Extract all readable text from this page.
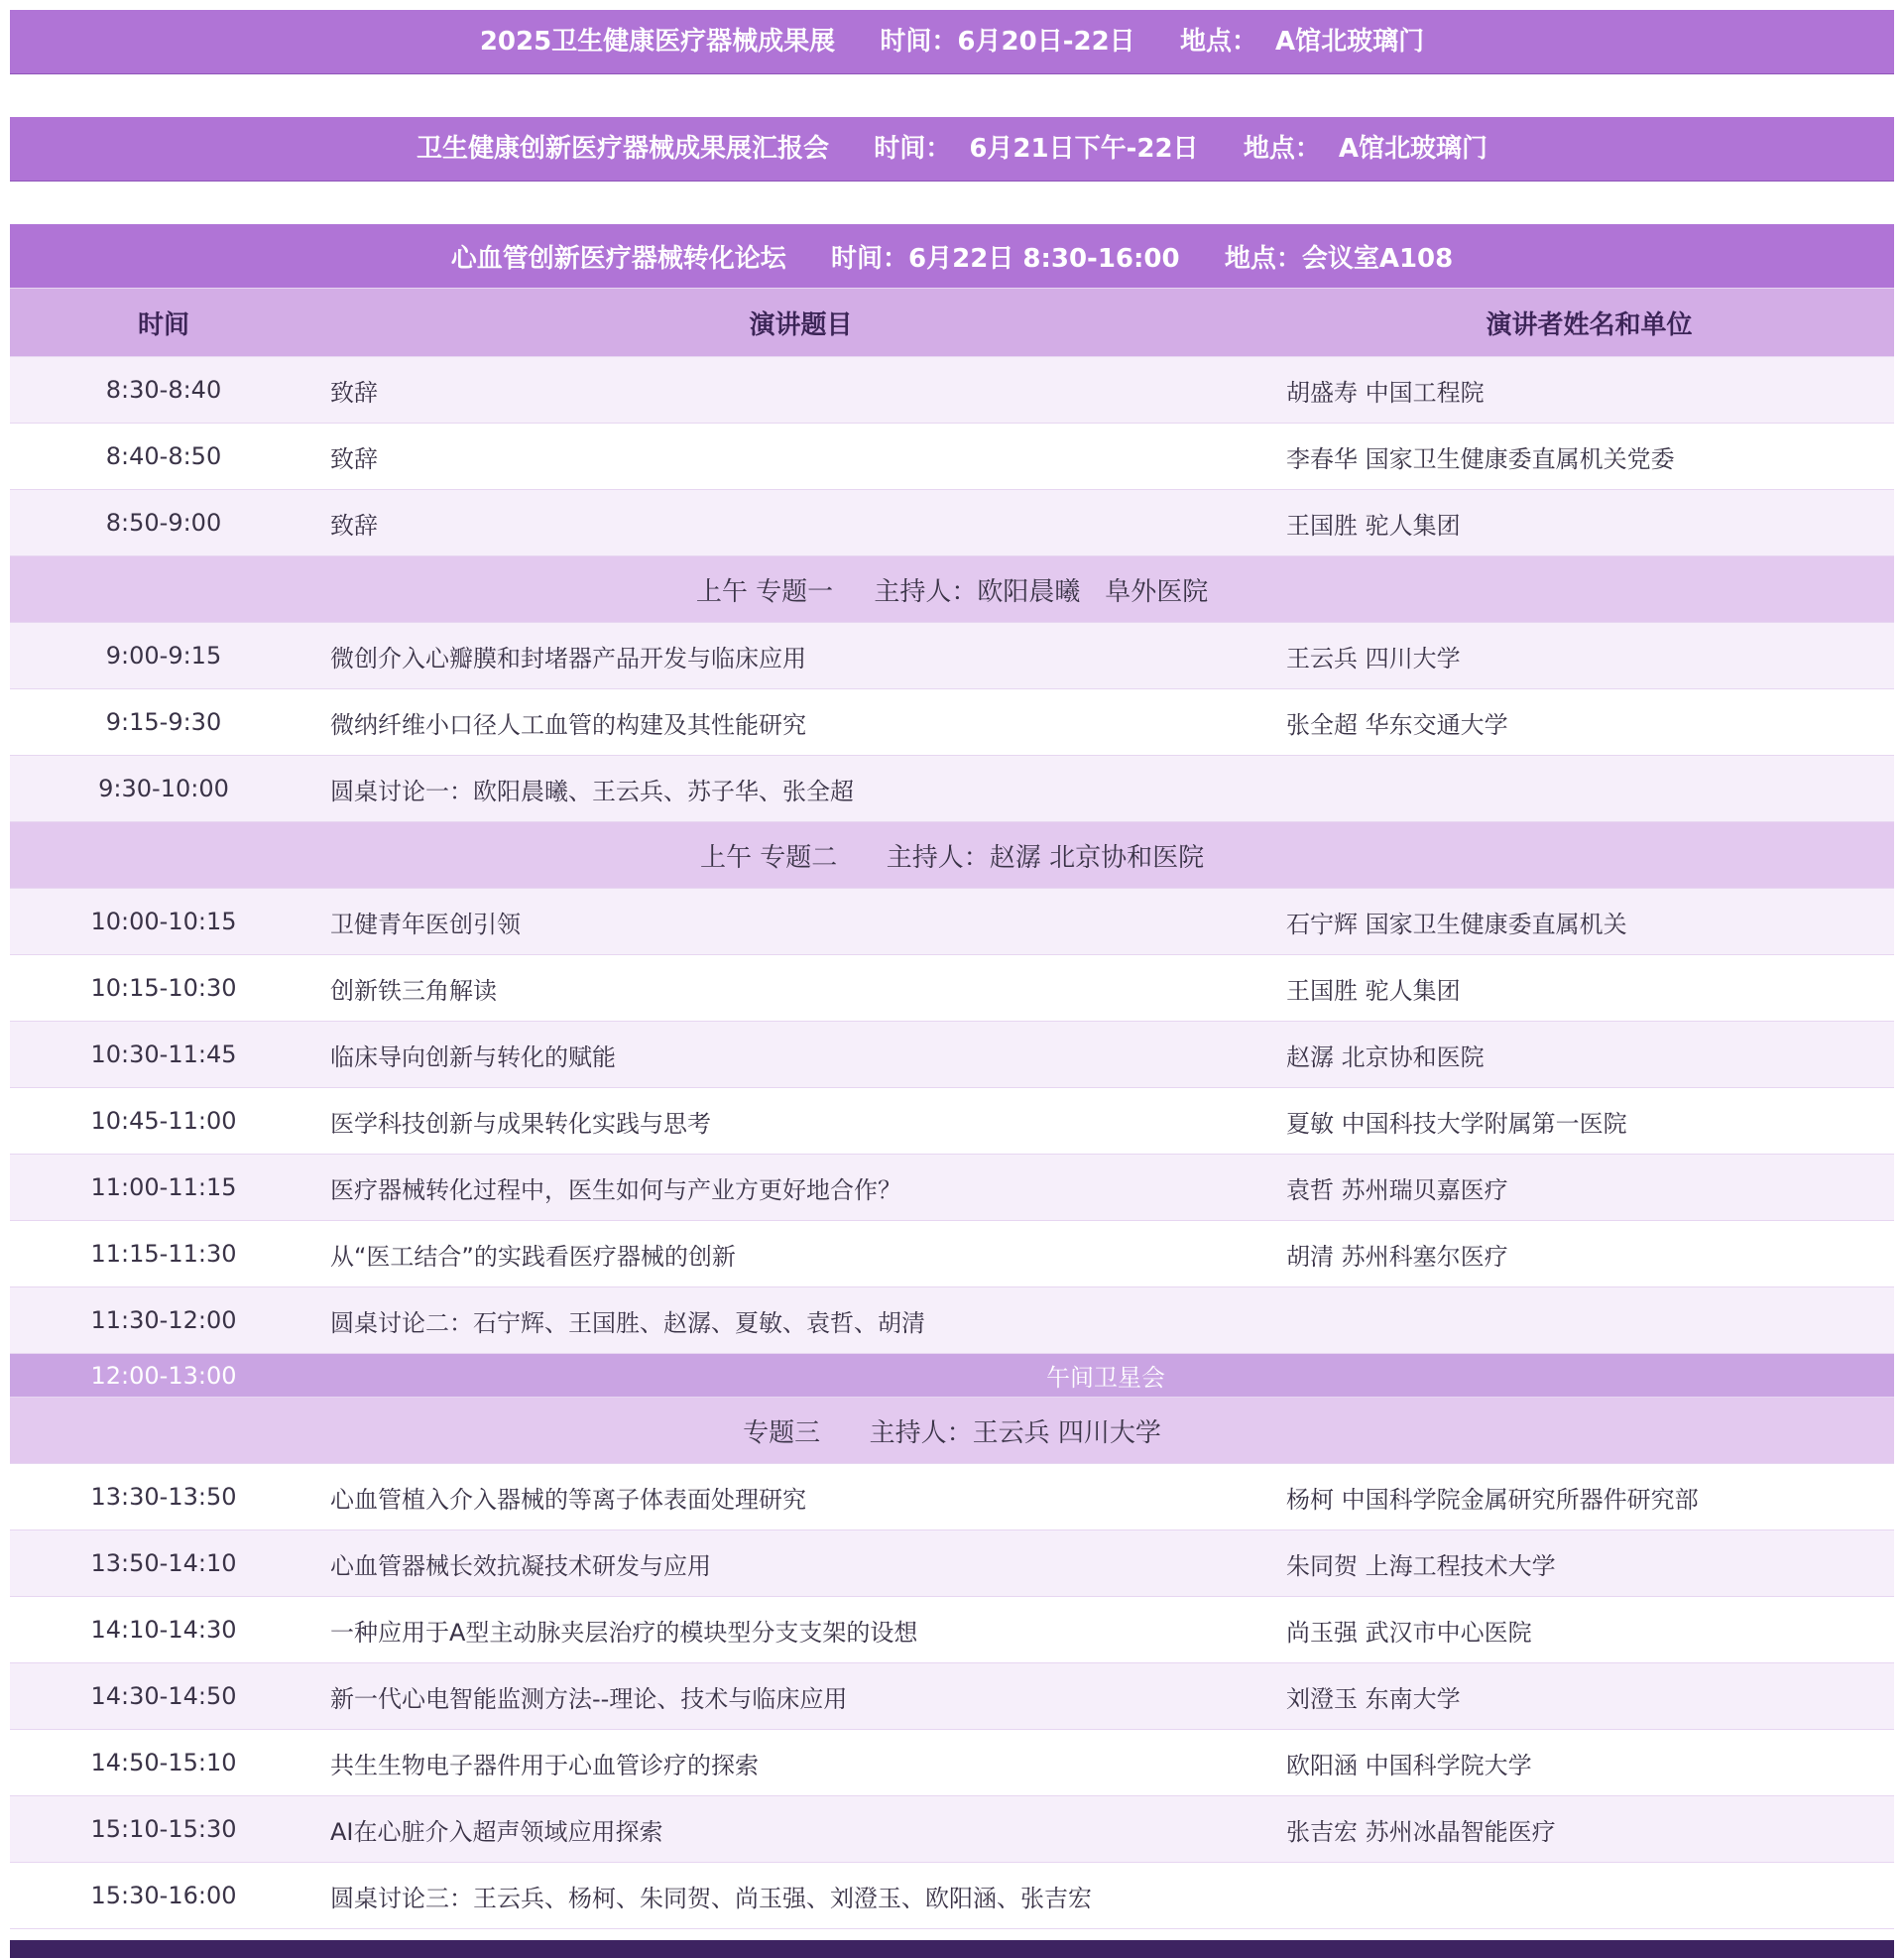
2025卫生健康医疗器械成果展     时间：6月20日-22日     地点：  A馆北玻璃门
卫生健康创新医疗器械成果展汇报会     时间：  6月21日下午-22日     地点：  A馆北玻璃门
心血管创新医疗器械转化论坛     时间：6月22日 8:30-16:00     地点：会议室A108		
时间	演讲题目	演讲者姓名和单位
8:30-8:40	致辞	胡盛寿 中国工程院
8:40-8:50	致辞	李春华 国家卫生健康委直属机关党委
8:50-9:00	致辞	王国胜 驼人集团
上午 专题一     主持人：欧阳晨曦   阜外医院		
9:00-9:15	微创介入心瓣膜和封堵器产品开发与临床应用	王云兵 四川大学
9:15-9:30	微纳纤维小口径人工血管的构建及其性能研究	张全超 华东交通大学
9:30-10:00	圆桌讨论一：欧阳晨曦、王云兵、苏子华、张全超	
上午 专题二      主持人：赵潺 北京协和医院		
10:00-10:15	卫健青年医创引领	石宁辉 国家卫生健康委直属机关
10:15-10:30	创新铁三角解读	王国胜 驼人集团
10:30-11:45	临床导向创新与转化的赋能	赵潺 北京协和医院
10:45-11:00	医学科技创新与成果转化实践与思考	夏敏 中国科技大学附属第一医院
11:00-11:15	医疗器械转化过程中，医生如何与产业方更好地合作？	袁哲 苏州瑞贝嘉医疗
11:15-11:30	从“医工结合”的实践看医疗器械的创新	胡清 苏州科塞尔医疗
11:30-12:00	圆桌讨论二：石宁辉、王国胜、赵潺、夏敏、袁哲、胡清	
12:00-13:00	午间卫星会	
专题三      主持人：王云兵 四川大学		
13:30-13:50	心血管植入介入器械的等离子体表面处理研究	杨柯 中国科学院金属研究所器件研究部
13:50-14:10	心血管器械长效抗凝技术研发与应用	朱同贺 上海工程技术大学
14:10-14:30	一种应用于A型主动脉夹层治疗的模块型分支支架的设想	尚玉强 武汉市中心医院
14:30-14:50	新一代心电智能监测方法--理论、技术与临床应用	刘澄玉 东南大学
14:50-15:10	共生生物电子器件用于心血管诊疗的探索	欧阳涵 中国科学院大学
15:10-15:30	AI在心脏介入超声领域应用探索	张吉宏 苏州冰晶智能医疗
15:30-16:00	圆桌讨论三：王云兵、杨柯、朱同贺、尚玉强、刘澄玉、欧阳涵、张吉宏	
